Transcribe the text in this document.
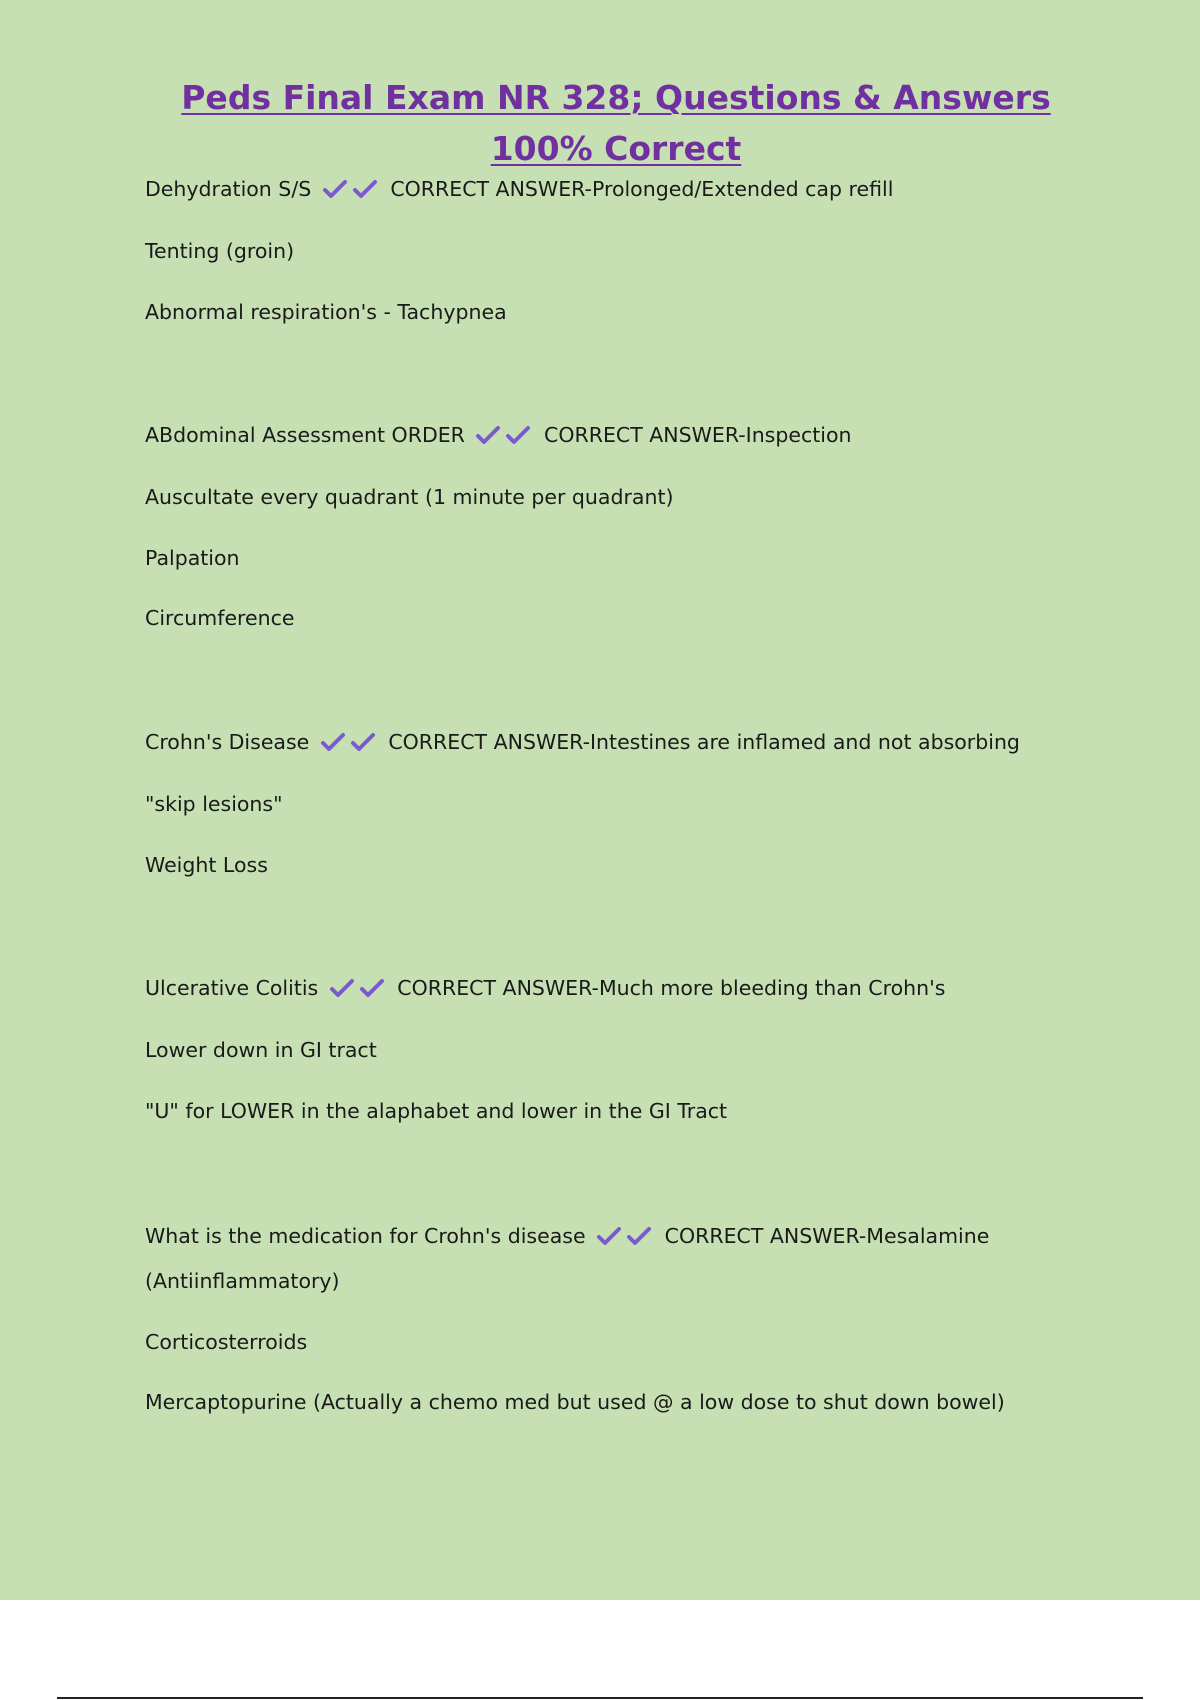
Peds Final Exam NR 328; Questions & Answers 100% Correct

Dehydration S/S	CORRECT ANSWER-Prolonged/Extended cap refill

Tenting (groin)

Abnormal respiration's - Tachypnea

ABdominal Assessment ORDER	CORRECT ANSWER-Inspection

Auscultate every quadrant (1 minute per quadrant)

Palpation

Circumference

Crohn's Disease	CORRECT ANSWER-Intestines are inflamed and not absorbing

"skip lesions"

Weight Loss

Ulcerative Colitis	CORRECT ANSWER-Much more bleeding than Crohn's

Lower down in GI tract

"U" for LOWER in the alaphabet and lower in the GI Tract

What is the medication for Crohn's disease	CORRECT ANSWER-Mesalamine

(Antiinflammatory)

Corticosterroids

Mercaptopurine (Actually a chemo med but used @ a low dose to shut down bowel)
